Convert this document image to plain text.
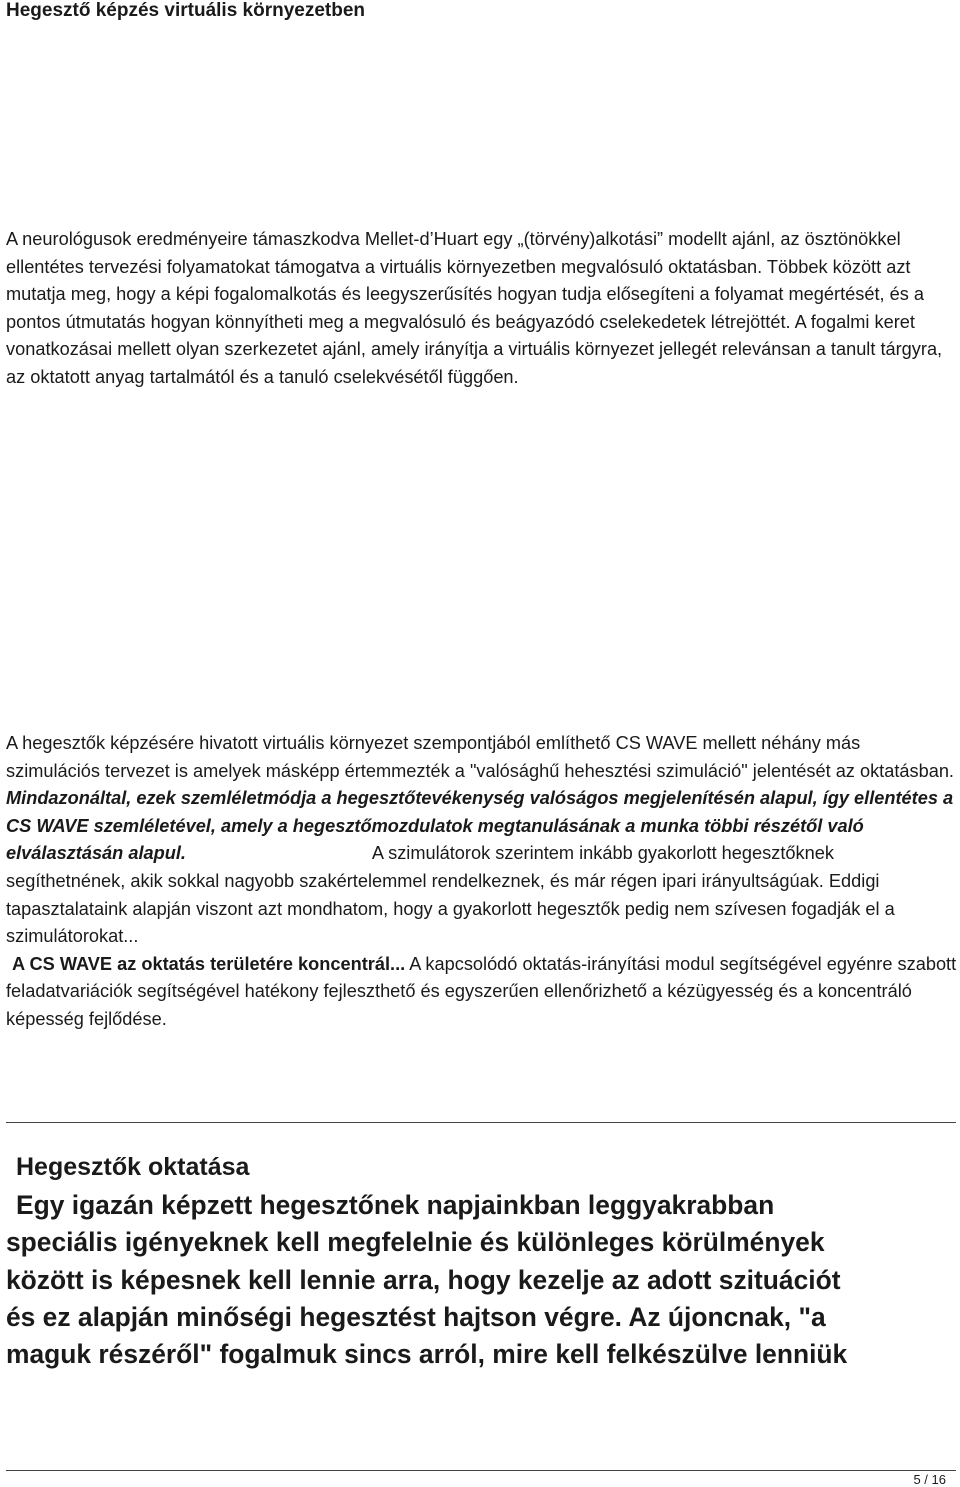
Hegesztő képzés virtuális környezetben

A neurológusok eredményeire támaszkodva Mellet-d’Huart egy „(törvény)alkotási” modellt ajánl, az ösztönökkel ellentétes tervezési folyamatokat támogatva a virtuális környezetben megvalósuló oktatásban. Többek között azt mutatja meg, hogy a képi fogalomalkotás és leegyszerűsítés hogyan tudja elősegíteni a folyamat megértését, és a pontos útmutatás hogyan könnyítheti meg a megvalósuló és beágyazódó cselekedetek létrejöttét. A fogalmi keret vonatkozásai mellett olyan szerkezetet ajánl, amely irányítja a virtuális környezet jellegét relevánsan a tanult tárgyra, az oktatott anyag tartalmától és a tanuló cselekvésétől függően.

A hegesztők képzésére hivatott virtuális környezet szempontjából említhető CS WAVE mellett néhány más szimulációs tervezet is amelyek másképp értemmezték a "valósághű hehesztési szimuláció" jelentését az oktatásban. Mindazonáltal, ezek szemléletmódja a hegesztőtevékenység valóságos megjelenítésén alapul, így ellentétes a CS WAVE szemléletével, amely a hegesztőmozdulatok megtanulásának a munka többi részétől való elválasztásán alapul.	A szimulátorok szerintem inkább gyakorlott hegesztőknek segíthetnének, akik sokkal nagyobb szakértelemmel rendelkeznek, és már régen ipari irányultságúak. Eddigi tapasztalataink alapján viszont azt mondhatom, hogy a gyakorlott hegesztők pedig nem szívesen fogadják el a szimulátorokat...
A CS WAVE az oktatás területére koncentrál... A kapcsolódó oktatás-irányítási modul segítségével egyénre szabott feladatvariációk segítségével hatékony fejleszthető és egyszerűen ellenőrizhető a kézügyesség és a koncentráló képesség fejlődése.

Hegesztők oktatása
Egy igazán képzett hegesztőnek napjainkban leggyakrabban
speciális igényeknek kell megfelelnie és különleges körülmények
között is képesnek kell lennie arra, hogy kezelje az adott szituációt
és ez alapján minőségi hegesztést hajtson végre. Az újoncnak, "a
maguk részéről" fogalmuk sincs arról, mire kell felkészülve lenniük
5 / 16
